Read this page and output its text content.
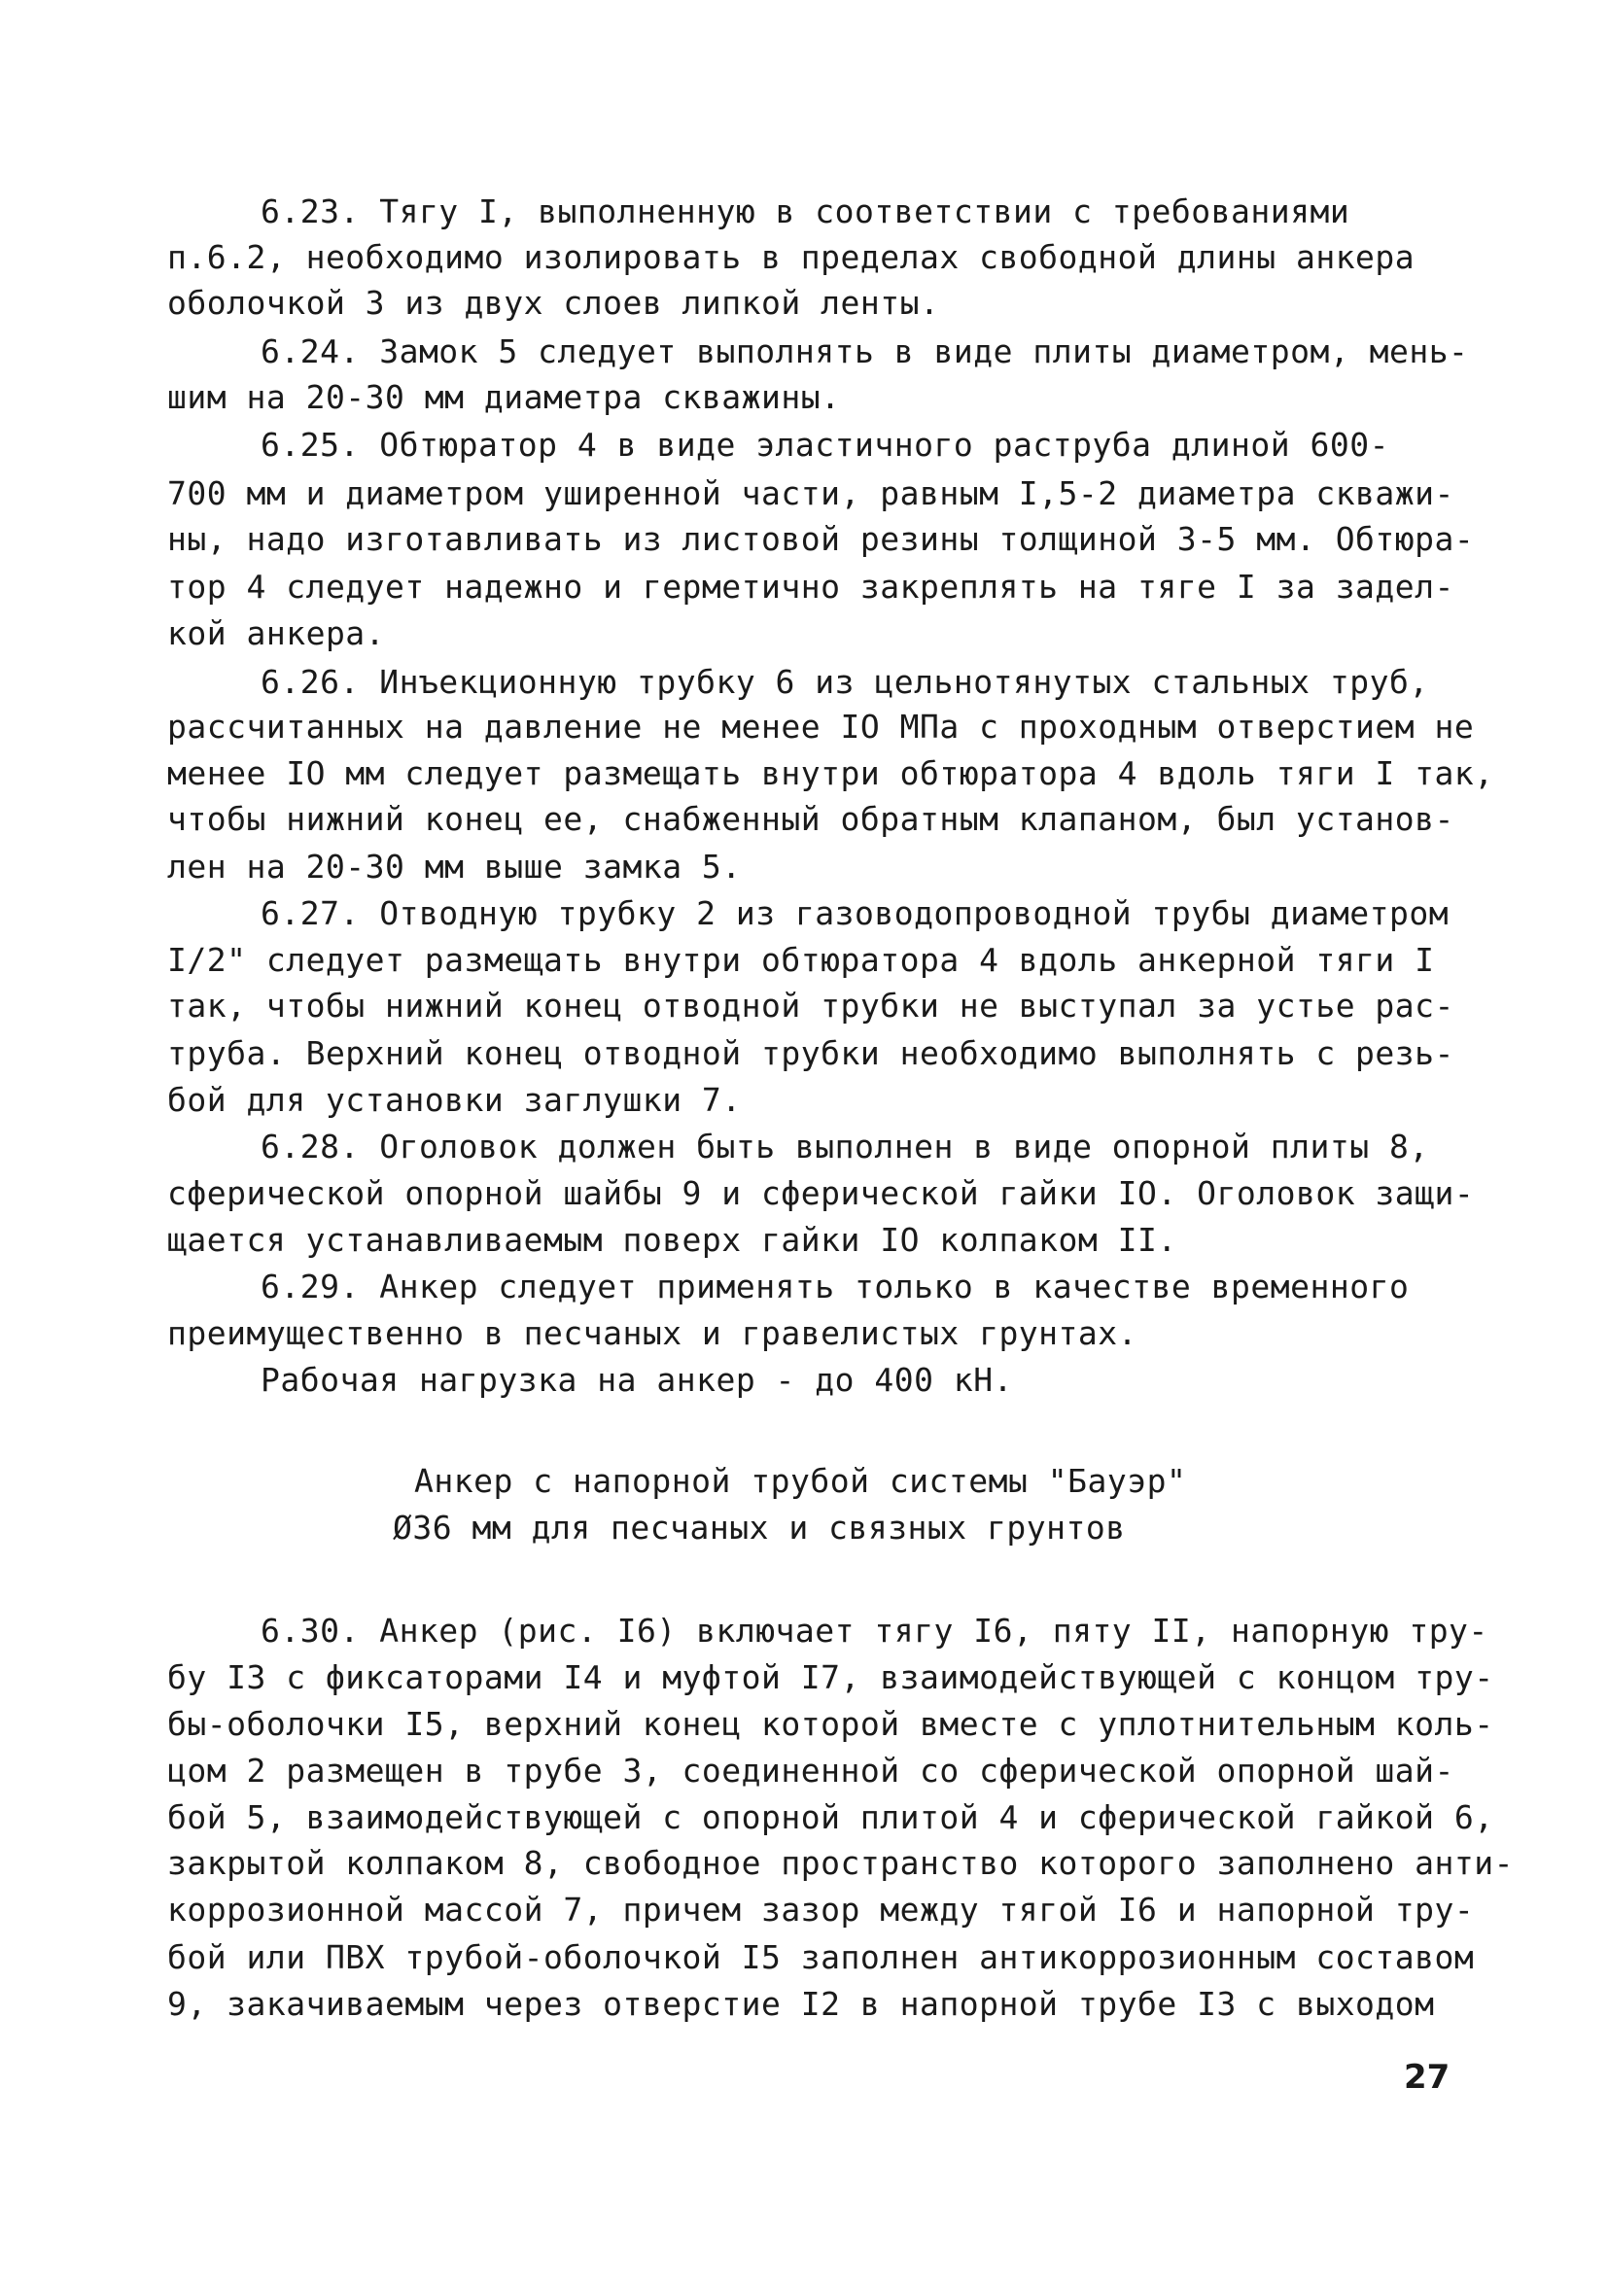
6.23. Тягу I, выполненную в соответствии с требованиями
п.6.2, необходимо изолировать в пределах свободной длины анкера
оболочкой 3 из двух слоев липкой ленты.
6.24. Замок 5 следует выполнять в виде плиты диаметром, мень-
шим на 20-30 мм диаметра скважины.
6.25. Обтюратор 4 в виде эластичного раструба длиной 600-
700 мм и диаметром уширенной части, равным I,5-2 диаметра скважи-
ны, надо изготавливать из листовой резины толщиной 3-5 мм. Обтюра-
тор 4 следует надежно и герметично закреплять на тяге I за задел-
кой анкера.
6.26. Инъекционную трубку 6 из цельнотянутых стальных труб,
рассчитанных на давление не менее IO МПа с проходным отверстием не
менее IO мм следует размещать внутри обтюратора 4 вдоль тяги I так,
чтобы нижний конец ее, снабженный обратным клапаном, был установ-
лен на 20-30 мм выше замка 5.
6.27. Отводную трубку 2 из газоводопроводной трубы диаметром
I/2" следует размещать внутри обтюратора 4 вдоль анкерной тяги I
так, чтобы нижний конец отводной трубки не выступал за устье рас-
труба. Верхний конец отводной трубки необходимо выполнять с резь-
бой для установки заглушки 7.
6.28. Оголовок должен быть выполнен в виде опорной плиты 8,
сферической опорной шайбы 9 и сферической гайки IO. Оголовок защи-
щается устанавливаемым поверх гайки IO колпаком II.
6.29. Анкер следует применять только в качестве временного
преимущественно в песчаных и гравелистых грунтах.
Рабочая нагрузка на анкер - до 400 кН.
Анкер с напорной трубой системы "Бауэр"
Ø36 мм для песчаных и связных грунтов
6.30. Анкер (рис. I6) включает тягу I6, пяту II, напорную тру-
бу I3 с фиксаторами I4 и муфтой I7, взаимодействующей с концом тру-
бы-оболочки I5, верхний конец которой вместе с уплотнительным коль-
цом 2 размещен в трубе 3, соединенной со сферической опорной шай-
бой 5, взаимодействующей с опорной плитой 4 и сферической гайкой 6,
закрытой колпаком 8, свободное пространство которого заполнено анти-
коррозионной массой 7, причем зазор между тягой I6 и напорной тру-
бой или ПВХ трубой-оболочкой I5 заполнен антикоррозионным составом
9, закачиваемым через отверстие I2 в напорной трубе I3 с выходом
27
